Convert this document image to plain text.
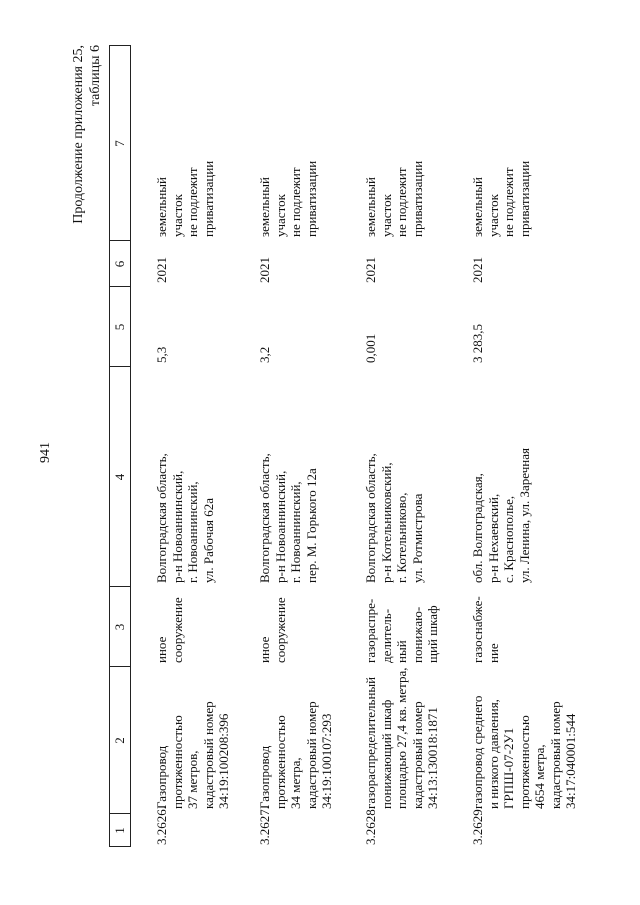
941
Продолжение приложения 25, таблицы 6
1
2
3
4
5
6
7
3.2626.
Газопровод протяженностью 37 метров, кадастровый номер 34:19:100208:396
иное сооружение
Волгоградская область, р-н Новоаннинский, г. Новоаннинский, ул. Рабочая 62а
5,3
2021
земельный участок не подлежит приватизации
3.2627.
Газопровод протяженностью 34 метра, кадастровый номер 34:19:100107:293
иное сооружение
Волгоградская область, р-н Новоаннинский, г. Новоаннинский, пер. М. Горького 12а
3,2
2021
земельный участок не подлежит приватизации
3.2628.
газораспределительный понижающий шкаф площадью 27,4 кв. метра, кадастровый номер 34:13:130018:1871
газораспре- делитель- ный понижаю- щий шкаф
Волгоградская область, р-н Котельниковский, г. Котельниково, ул. Ротмистрова
0,001
2021
земельный участок не подлежит приватизации
3.2629.
газопровод среднего и низкого давления, ГРПШ-07-2У1 протяженностью 4654 метра, кадастровый номер 34:17:040001:544
газоснабже- ние
обл. Волгоградская, р-н Нехаевский, с. Краснополье, ул. Ленина, ул. Заречная
3 283,5
2021
земельный участок не подлежит приватизации
